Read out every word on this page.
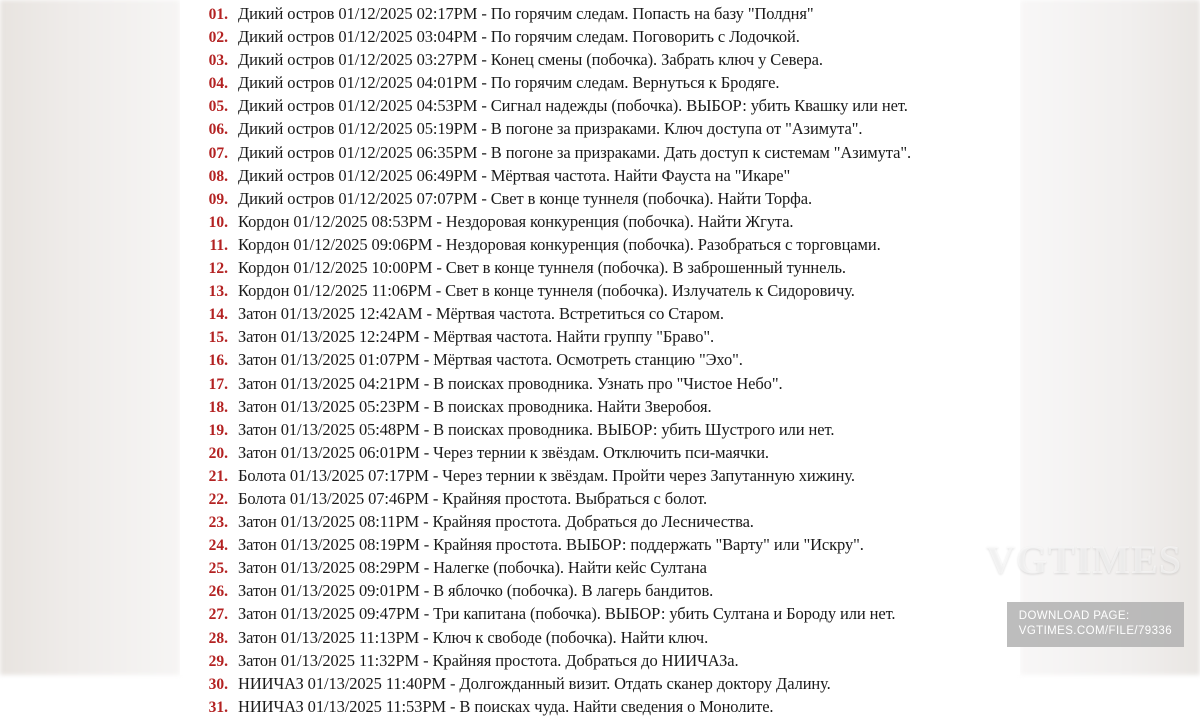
01. Дикий остров 01/12/2025 02:17PM - По горячим следам. Попасть на базу "Полдня"
02. Дикий остров 01/12/2025 03:04PM - По горячим следам. Поговорить с Лодочкой.
03. Дикий остров 01/12/2025 03:27PM - Конец смены (побочка). Забрать ключ у Севера.
04. Дикий остров 01/12/2025 04:01PM - По горячим следам. Вернуться к Бродяге.
05. Дикий остров 01/12/2025 04:53PM - Сигнал надежды (побочка). ВЫБОР: убить Квашку или нет.
06. Дикий остров 01/12/2025 05:19PM - В погоне за призраками. Ключ доступа от "Азимута".
07. Дикий остров 01/12/2025 06:35PM - В погоне за призраками. Дать доступ к системам "Азимута".
08. Дикий остров 01/12/2025 06:49PM - Мёртвая частота. Найти Фауста на "Икаре"
09. Дикий остров 01/12/2025 07:07PM - Свет в конце туннеля (побочка). Найти Торфа.
10. Кордон 01/12/2025 08:53PM - Нездоровая конкуренция (побочка). Найти Жгута.
11. Кордон 01/12/2025 09:06PM - Нездоровая конкуренция (побочка). Разобраться с торговцами.
12. Кордон 01/12/2025 10:00PM - Свет в конце туннеля (побочка). В заброшенный туннель.
13. Кордон 01/12/2025 11:06PM - Свет в конце туннеля (побочка). Излучатель к Сидоровичу.
14. Затон 01/13/2025 12:42AM - Мёртвая частота. Встретиться со Старом.
15. Затон 01/13/2025 12:24PM - Мёртвая частота. Найти группу "Браво".
16. Затон 01/13/2025 01:07PM - Мёртвая частота. Осмотреть станцию "Эхо".
17. Затон 01/13/2025 04:21PM - В поисках проводника. Узнать про "Чистое Небо".
18. Затон 01/13/2025 05:23PM - В поисках проводника. Найти Зверобоя.
19. Затон 01/13/2025 05:48PM - В поисках проводника. ВЫБОР: убить Шустрого или нет.
20. Затон 01/13/2025 06:01PM - Через тернии к звёздам. Отключить пси-маячки.
21. Болота 01/13/2025 07:17PM - Через тернии к звёздам. Пройти через Запутанную хижину.
22. Болота 01/13/2025 07:46PM - Крайняя простота. Выбраться с болот.
23. Затон 01/13/2025 08:11PM - Крайняя простота. Добраться до Лесничества.
24. Затон 01/13/2025 08:19PM - Крайняя простота. ВЫБОР: поддержать "Варту" или "Искру".
25. Затон 01/13/2025 08:29PM - Налегке (побочка). Найти кейс Султана
26. Затон 01/13/2025 09:01PM - В яблочко (побочка). В лагерь бандитов.
27. Затон 01/13/2025 09:47PM - Три капитана (побочка). ВЫБОР: убить Султана и Бороду или нет.
28. Затон 01/13/2025 11:13PM - Ключ к свободе (побочка). Найти ключ.
29. Затон 01/13/2025 11:32PM - Крайняя простота. Добраться до НИИЧАЗа.
30. НИИЧАЗ 01/13/2025 11:40PM - Долгожданный визит. Отдать сканер доктору Далину.
31. НИИЧАЗ 01/13/2025 11:53PM - В поисках чуда. Найти сведения о Монолите.
VGTIMES
DOWNLOAD PAGE:
VGTIMES.COM/FILE/79336
